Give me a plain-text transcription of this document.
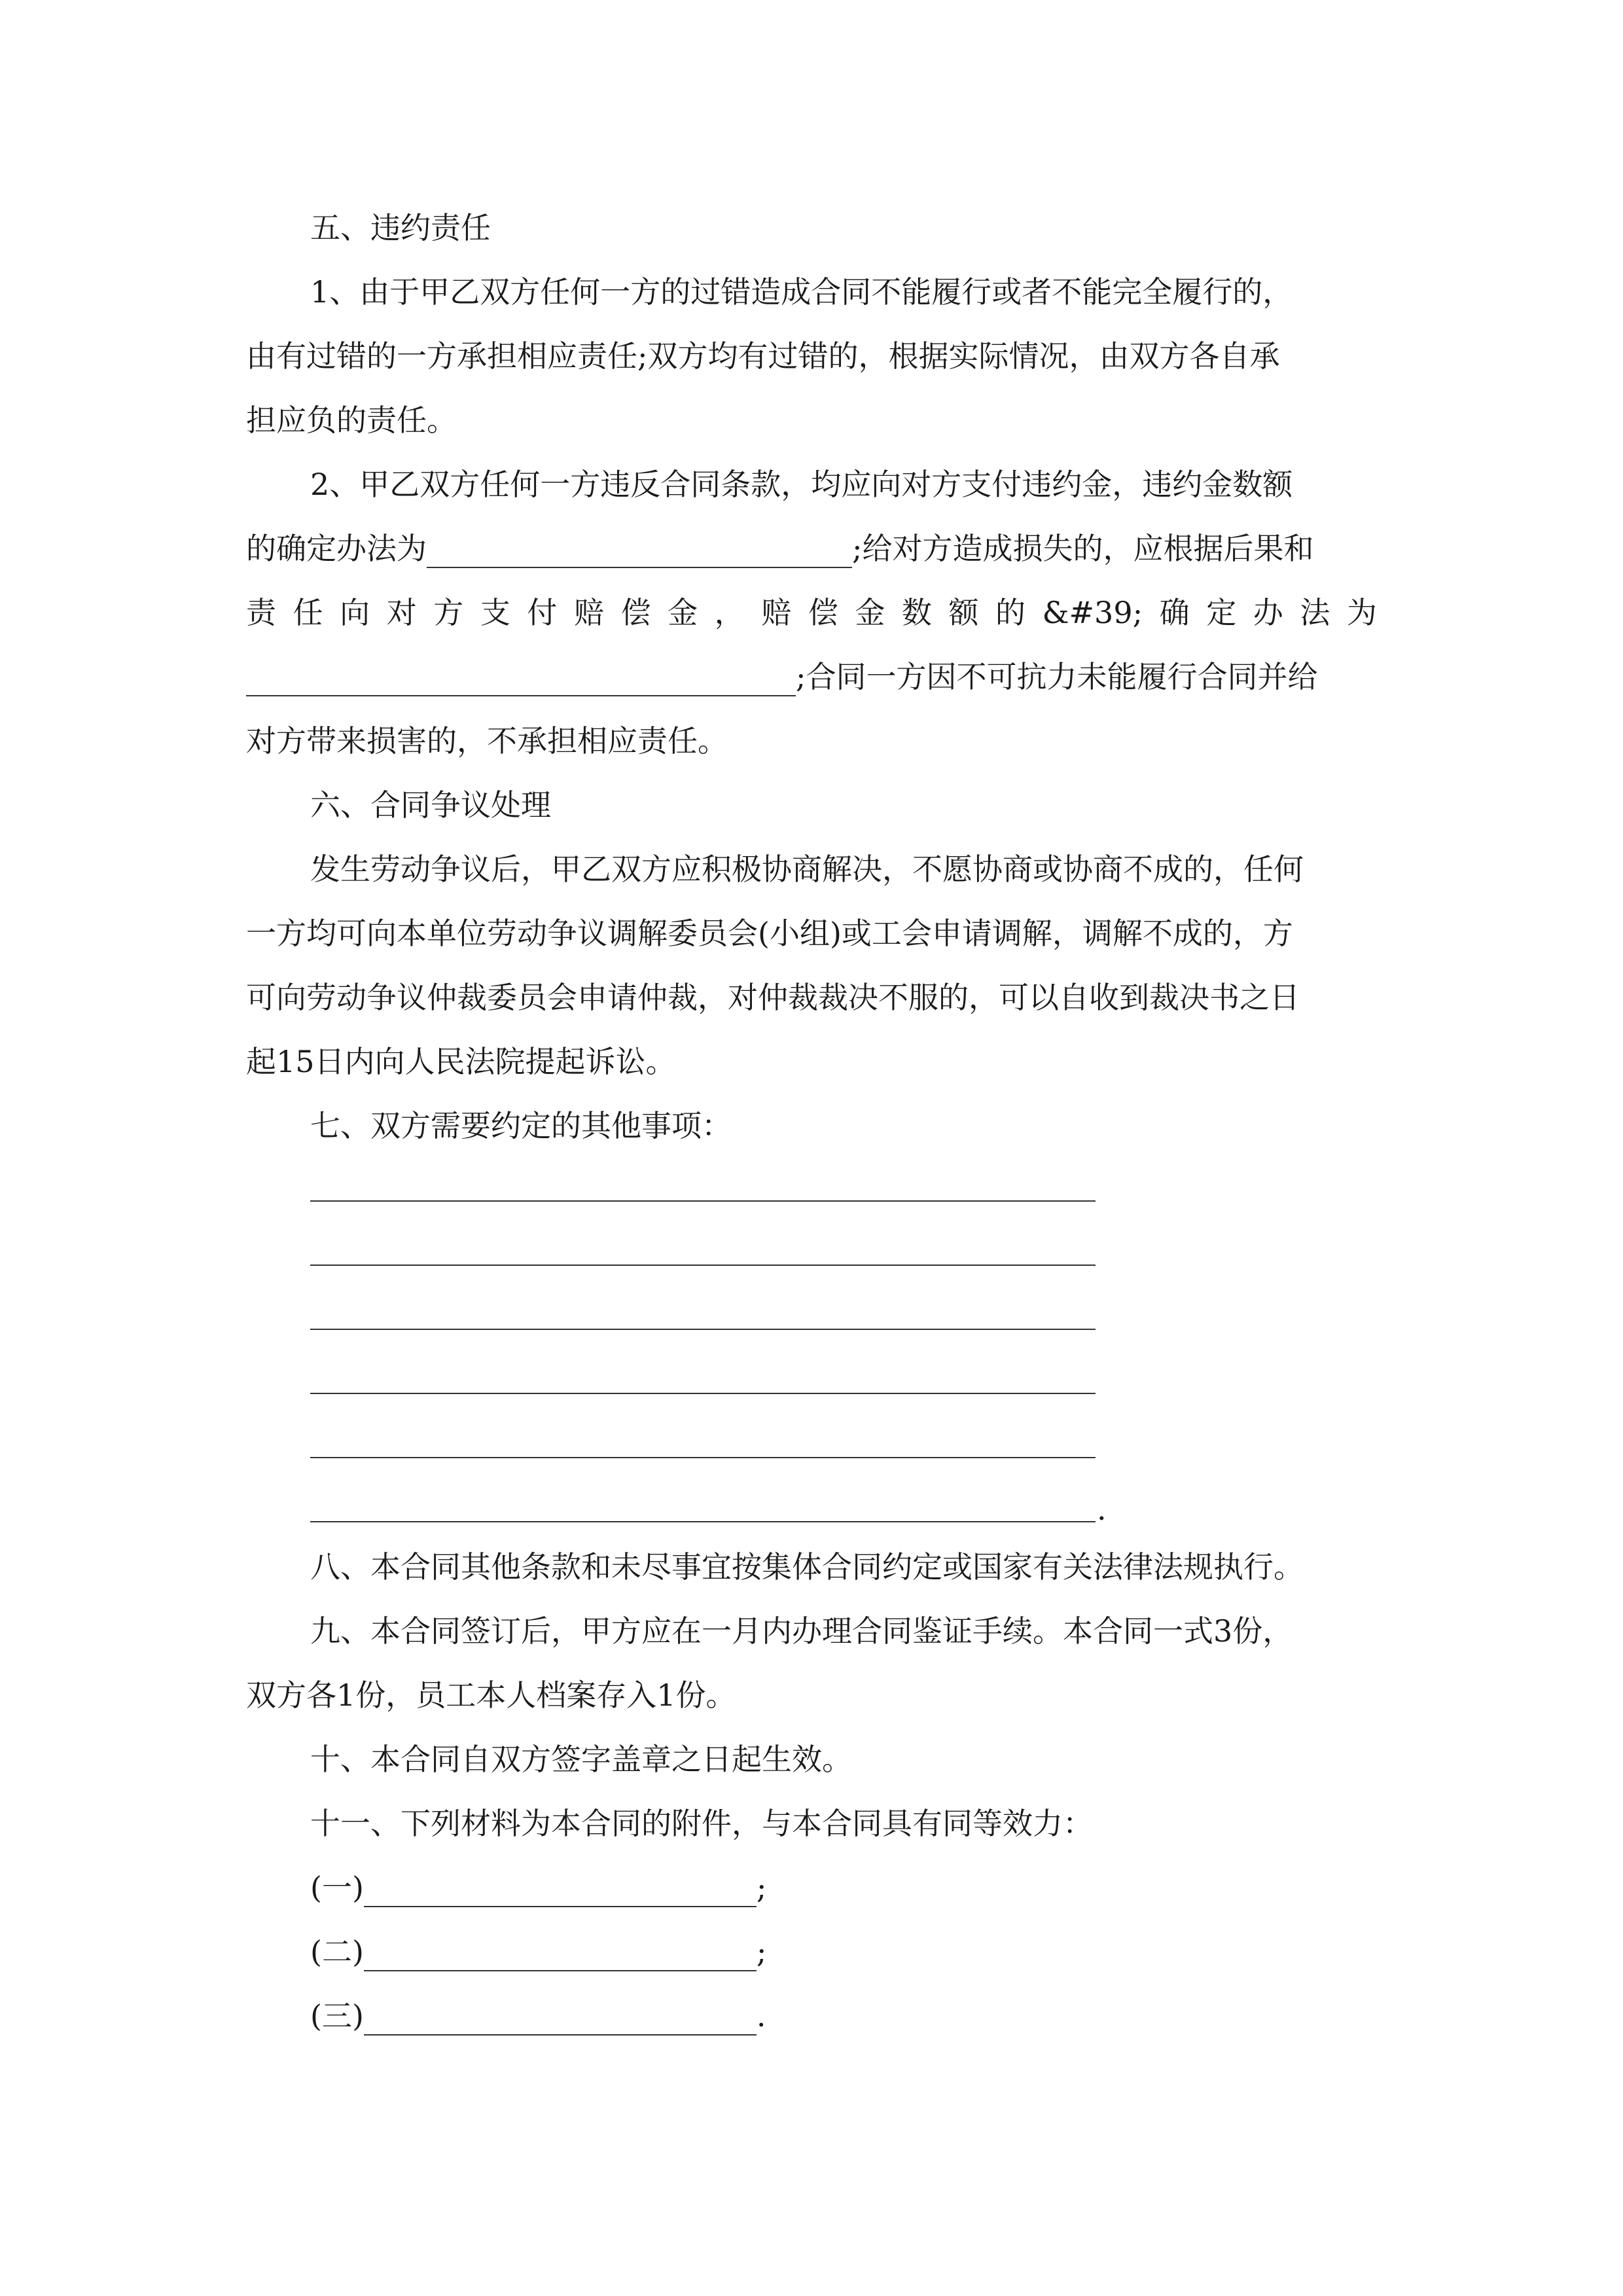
五、违约责任
1、由于甲乙双方任何一方的过错造成合同不能履行或者不能完全履行的，
由有过错的一方承担相应责任;双方均有过错的，根据实际情况，由双方各自承
担应负的责任。
2、甲乙双方任何一方违反合同条款，均应向对方支付违约金，违约金数额
的确定办法为	;给对方造成损失的，应根据后果和
责 任 向 对 方 支 付 赔 偿 金 ， 赔 偿 金 数 额 的 &#39; 确 定 办 法 为
;合同一方因不可抗力未能履行合同并给
对方带来损害的，不承担相应责任。
六、合同争议处理
发生劳动争议后，甲乙双方应积极协商解决，不愿协商或协商不成的，任何
一方均可向本单位劳动争议调解委员会(小组)或工会申请调解，调解不成的，方
可向劳动争议仲裁委员会申请仲裁，对仲裁裁决不服的，可以自收到裁决书之日
起15日内向人民法院提起诉讼。
七、双方需要约定的其他事项：
.
八、本合同其他条款和未尽事宜按集体合同约定或国家有关法律法规执行。
九、本合同签订后，甲方应在一月内办理合同鉴证手续。本合同一式3份，
双方各1份，员工本人档案存入1份。
十、本合同自双方签字盖章之日起生效。
十一、下列材料为本合同的附件，与本合同具有同等效力：
(一)	;
(二)	;
(三)	.
